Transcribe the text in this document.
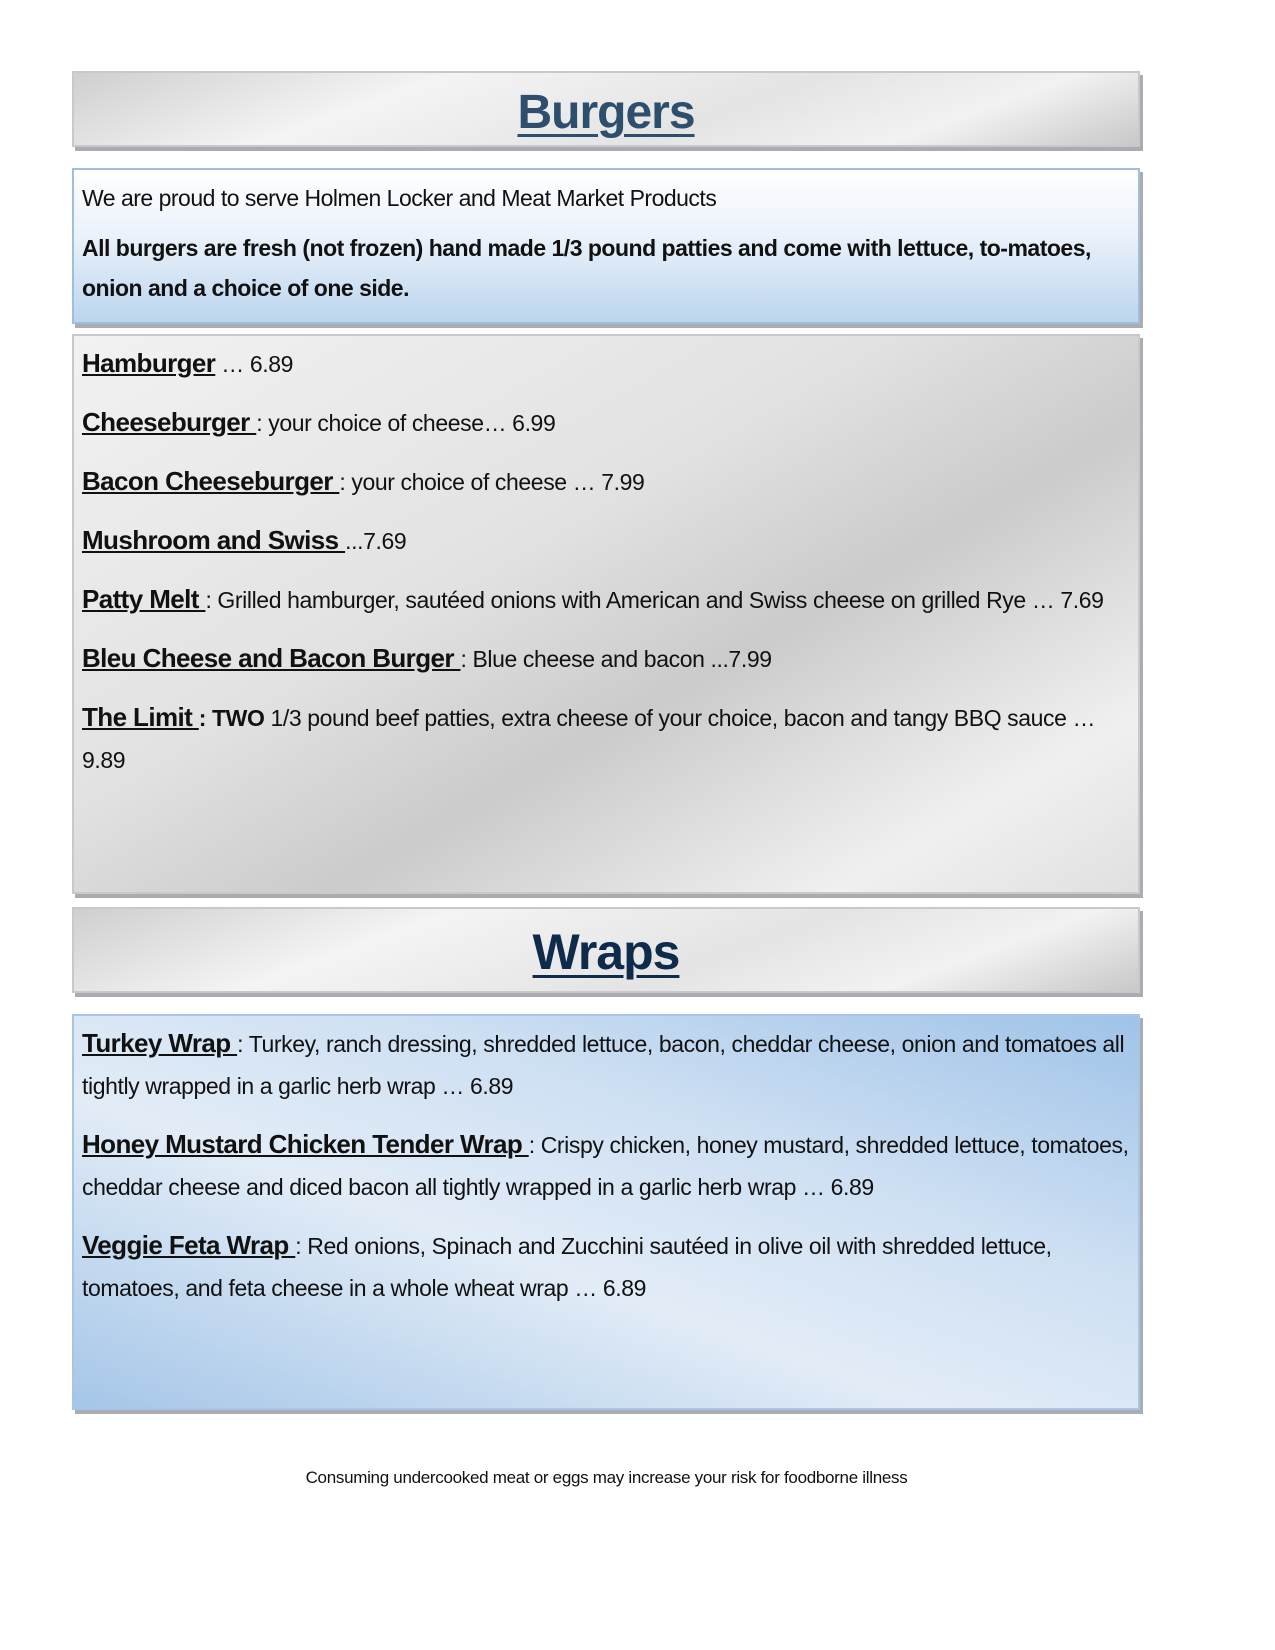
Burgers

We are proud to serve Holmen Locker and Meat Market Products

All burgers are fresh (not frozen) hand made 1/3 pound patties and come with lettuce, to-matoes, onion and a choice of one side.

Hamburger … 6.89
Cheeseburger : your choice of cheese… 6.99
Bacon Cheeseburger : your choice of cheese … 7.99
Mushroom and Swiss ...7.69
Patty Melt : Grilled hamburger, sautéed onions with American and Swiss cheese on grilled Rye … 7.69
Bleu Cheese and Bacon Burger : Blue cheese and bacon ...7.99
The Limit : TWO 1/3 pound beef patties, extra cheese of your choice, bacon and tangy BBQ sauce … 9.89
Wraps
Turkey Wrap : Turkey, ranch dressing, shredded lettuce, bacon, cheddar cheese, onion and tomatoes all tightly wrapped in a garlic herb wrap … 6.89
Honey Mustard Chicken Tender Wrap : Crispy chicken, honey mustard, shredded lettuce, tomatoes, cheddar cheese and diced bacon all tightly wrapped in a garlic herb wrap … 6.89
Veggie Feta Wrap : Red onions, Spinach and Zucchini sautéed in olive oil with shredded lettuce, tomatoes, and feta cheese in a whole wheat wrap … 6.89
Consuming undercooked meat or eggs may increase your risk for foodborne illness
